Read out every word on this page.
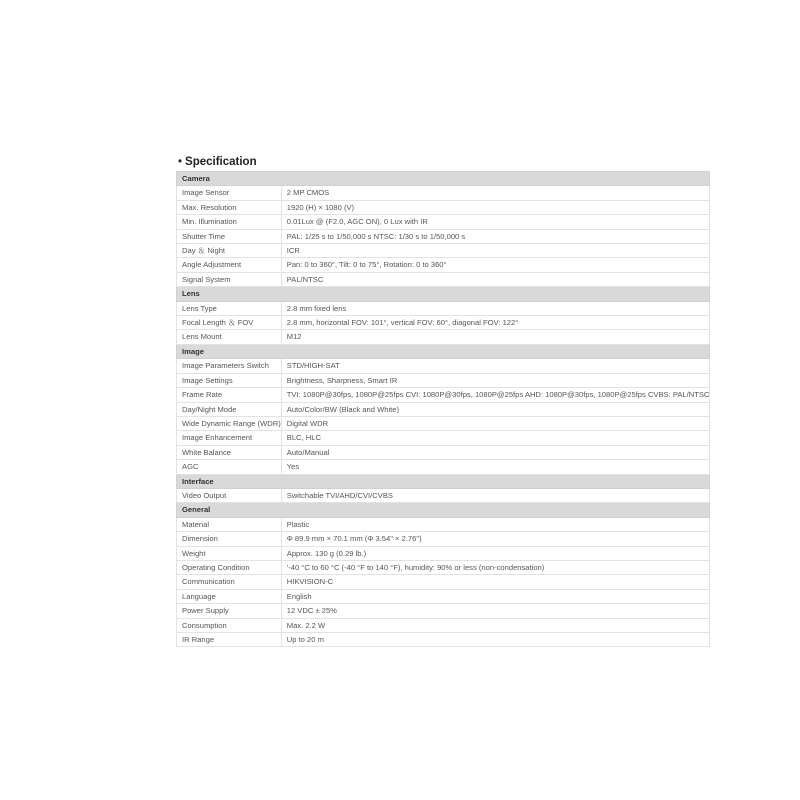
• Specification
Camera	
Image Sensor	2 MP CMOS
Max. Resolution	1920 (H) × 1080 (V)
Min. Illumination	0.01Lux @ (F2.0, AGC ON), 0 Lux with IR
Shutter Time	PAL: 1/25 s to 1/50,000 s NTSC: 1/30 s to 1/50,000 s
Day ＆ Night	ICR
Angle Adjustment	Pan: 0 to 360°, Tilt: 0 to 75°, Rotation: 0 to 360°
Signal System	PAL/NTSC
Lens	
Lens Type	2.8 mm fixed lens
Focal Length ＆ FOV	2.8 mm, horizontal FOV: 101°, vertical FOV: 60°, diagonal FOV: 122°
Lens Mount	M12
Image	
Image Parameters Switch	STD/HIGH-SAT
Image Settings	Brightness, Sharpness, Smart IR
Frame Rate	TVI: 1080P@30fps, 1080P@25fps CVI: 1080P@30fps, 1080P@25fps AHD: 1080P@30fps, 1080P@25fps CVBS: PAL/NTSC
Day/Night Mode	Auto/Color/BW (Black and White)
Wide Dynamic Range (WDR)	Digital WDR
Image Enhancement	BLC, HLC
White Balance	Auto/Manual
AGC	Yes
Interface	
Video Output	Switchable TVI/AHD/CVI/CVBS
General	
Material	Plastic
Dimension	Φ 89.9 mm × 70.1 mm (Φ 3.54" × 2.76")
Weight	Approx. 130 g (0.29 lb.)
Operating Condition	'-40 °C to 60 °C (-40 °F to 140 °F), humidity: 90% or less (non-condensation)
Communication	HIKVISION-C
Language	English
Power Supply	12 VDC ± 25%
Consumption	Max. 2.2 W
IR Range	Up to 20 m
